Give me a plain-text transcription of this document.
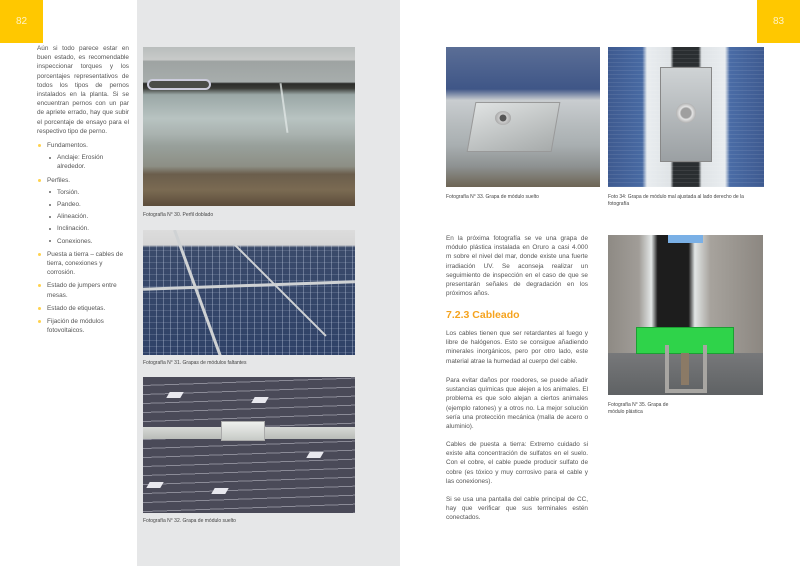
82

Aún si todo parece estar en buen estado, es recomendable inspeccionar torques y los porcentajes representativos de todos los tipos de pernos instalados en la planta. Si se encuentran pernos con un par de apriete errado, hay que subir el porcentaje de ensayo para el respectivo tipo de perno.

Fundamentos.
Anclaje: Erosión alrededor.
Perfiles.
Torsión.
Pandeo.
Alineación.
Inclinación.
Conexiones.
Puesta a tierra – cables de tierra, conexiones y corrosión.
Estado de jumpers entre mesas.
Estado de etiquetas.
Fijación de módulos fotovoltaicos.
Fotografía N° 30. Perfil doblado
Fotografía N° 31. Grapas de módulos faltantes
Fotografía N° 32. Grapa de módulo suelto
83
Fotografía N° 33. Grapa de módulo suelto	Foto 34: Grapa de módulo mal ajustada al lado derecho de la fotografía
Fotografía N° 35. Grapa de módulo plástica

En la próxima fotografía se ve una grapa de módulo plástica instalada en Oruro a casi 4.000 m sobre el nivel del mar, donde existe una fuerte irradiación UV. Se aconseja realizar un seguimiento de inspección en el caso de que se presentarán señales de degradación en los próximos años.

7.2.3 Cableado

Los cables tienen que ser retardantes al fuego y libre de halógenos. Esto se consigue añadiendo minerales inorgánicos, pero por otro lado, este material atrae la humedad al cuerpo del cable.

Para evitar daños por roedores, se puede añadir sustancias químicas que alejen a los animales. El problema es que solo alejan a ciertos animales (ejemplo ratones) y a otros no. La mejor solución sería una protección mecánica (malla de acero o aluminio).

Cables de puesta a tierra: Extremo cuidado si existe alta concentración de sulfatos en el suelo. Con el cobre, el cable puede producir sulfato de cobre (es tóxico y muy corrosivo para el cable y las conexiones).

Si se usa una pantalla del cable principal de CC, hay que verificar que sus terminales estén conectados.
